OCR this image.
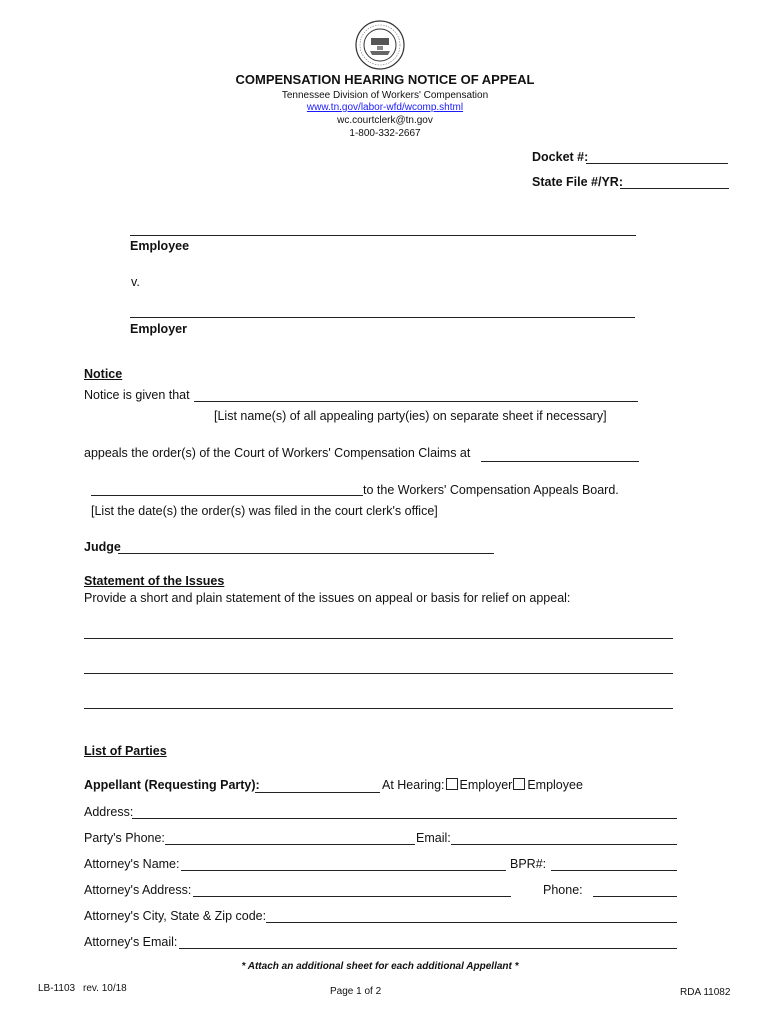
COMPENSATION HEARING NOTICE OF APPEAL
Tennessee Division of Workers' Compensation
www.tn.gov/labor-wfd/wcomp.shtml
wc.courtclerk@tn.gov
1-800-332-2667
Docket #:
State File #/YR:
Employee
v.
Employer
Notice
Notice is given that
[List name(s) of all appealing party(ies) on separate sheet if necessary]
appeals the order(s) of the Court of Workers' Compensation Claims at
to the Workers' Compensation Appeals Board.
[List the date(s) the order(s) was filed in the court clerk's office]
Judge
Statement of the Issues
Provide a short and plain statement of the issues on appeal or basis for relief on appeal:
List of Parties
Appellant (Requesting Party):	At Hearing: Employer Employee
Address:
Party's Phone:	Email:
Attorney's Name:	BPR#:
Attorney's Address:	Phone:
Attorney's City, State & Zip code:
Attorney's Email:
* Attach an additional sheet for each additional Appellant *
LB-1103 rev. 10/18	Page 1 of 2	RDA 11082
